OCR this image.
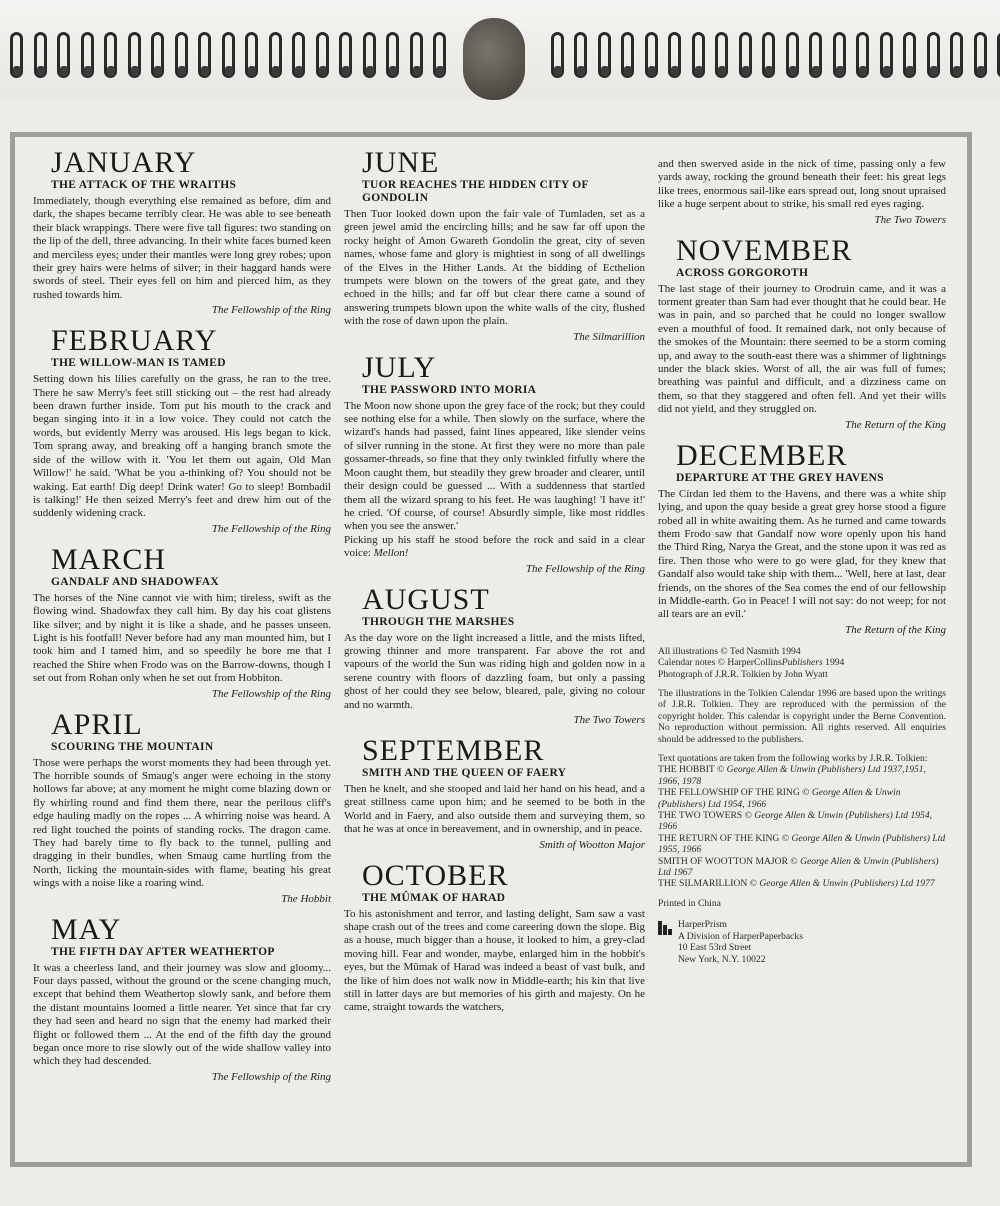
JANUARY
THE ATTACK OF THE WRAITHS

Immediately, though everything else remained as before, dim and dark, the shapes became terribly clear. He was able to see beneath their black wrappings. There were five tall figures: two standing on the lip of the dell, three advancing. In their white faces burned keen and merciless eyes; under their mantles were long grey robes; upon their grey hairs were helms of silver; in their haggard hands were swords of steel. Their eyes fell on him and pierced him, as they rushed towards him.

The Fellowship of the Ring

FEBRUARY
THE WILLOW-MAN IS TAMED

Setting down his lilies carefully on the grass, he ran to the tree. There he saw Merry's feet still sticking out – the rest had already been drawn further inside. Tom put his mouth to the crack and began singing into it in a low voice. They could not catch the words, but evidently Merry was aroused. His legs began to kick. Tom sprang away, and breaking off a hanging branch smote the side of the willow with it. 'You let them out again, Old Man Willow!' he said. 'What be you a-thinking of? You should not be waking. Eat earth! Dig deep! Drink water! Go to sleep! Bombadil is talking!' He then seized Merry's feet and drew him out of the suddenly widening crack.

The Fellowship of the Ring

MARCH
GANDALF AND SHADOWFAX

The horses of the Nine cannot vie with him; tireless, swift as the flowing wind. Shadowfax they call him. By day his coat glistens like silver; and by night it is like a shade, and he passes unseen. Light is his footfall! Never before had any man mounted him, but I took him and I tamed him, and so speedily he bore me that I reached the Shire when Frodo was on the Barrow-downs, though I set out from Rohan only when he set out from Hobbiton.

The Fellowship of the Ring

APRIL
SCOURING THE MOUNTAIN

Those were perhaps the worst moments they had been through yet. The horrible sounds of Smaug's anger were echoing in the stony hollows far above; at any moment he might come blazing down or fly whirling round and find them there, near the perilous cliff's edge hauling madly on the ropes ... A whirring noise was heard. A red light touched the points of standing rocks. The dragon came. They had barely time to fly back to the tunnel, pulling and dragging in their bundles, when Smaug came hurtling from the North, licking the mountain-sides with flame, beating his great wings with a noise like a roaring wind.

The Hobbit

MAY
THE FIFTH DAY AFTER WEATHERTOP

It was a cheerless land, and their journey was slow and gloomy... Four days passed, without the ground or the scene changing much, except that behind them Weathertop slowly sank, and before them the distant mountains loomed a little nearer. Yet since that far cry they had seen and heard no sign that the enemy had marked their flight or followed them ... At the end of the fifth day the ground began once more to rise slowly out of the wide shallow valley into which they had descended.

The Fellowship of the Ring

JUNE
TUOR REACHES THE HIDDEN CITY OF GONDOLIN

Then Tuor looked down upon the fair vale of Tumladen, set as a green jewel amid the encircling hills; and he saw far off upon the rocky height of Amon Gwareth Gondolin the great, city of seven names, whose fame and glory is mightiest in song of all dwellings of the Elves in the Hither Lands. At the bidding of Ecthelion trumpets were blown on the towers of the great gate, and they echoed in the hills; and far off but clear there came a sound of answering trumpets blown upon the white walls of the city, flushed with the rose of dawn upon the plain.

The Silmarillion

JULY
THE PASSWORD INTO MORIA

The Moon now shone upon the grey face of the rock; but they could see nothing else for a while. Then slowly on the surface, where the wizard's hands had passed, faint lines appeared, like slender veins of silver running in the stone. At first they were no more than pale gossamer-threads, so fine that they only twinkled fitfully where the Moon caught them, but steadily they grew broader and clearer, until their design could be guessed ... With a suddenness that startled them all the wizard sprang to his feet. He was laughing! 'I have it!' he cried. 'Of course, of course! Absurdly simple, like most riddles when you see the answer.'

Picking up his staff he stood before the rock and said in a clear voice: Mellon!

The Fellowship of the Ring

AUGUST
THROUGH THE MARSHES

As the day wore on the light increased a little, and the mists lifted, growing thinner and more transparent. Far above the rot and vapours of the world the Sun was riding high and golden now in a serene country with floors of dazzling foam, but only a passing ghost of her could they see below, bleared, pale, giving no colour and no warmth.

The Two Towers

SEPTEMBER
SMITH AND THE QUEEN OF FAERY

Then he knelt, and she stooped and laid her hand on his head, and a great stillness came upon him; and he seemed to be both in the World and in Faery, and also outside them and surveying them, so that he was at once in bereavement, and in ownership, and in peace.

Smith of Wootton Major

OCTOBER
THE MÛMAK OF HARAD

To his astonishment and terror, and lasting delight, Sam saw a vast shape crash out of the trees and come careering down the slope. Big as a house, much bigger than a house, it looked to him, a grey-clad moving hill. Fear and wonder, maybe, enlarged him in the hobbit's eyes, but the Mûmak of Harad was indeed a beast of vast bulk, and the like of him does not walk now in Middle-earth; his kin that live still in latter days are but memories of his girth and majesty. On he came, straight towards the watchers,

and then swerved aside in the nick of time, passing only a few yards away, rocking the ground beneath their feet: his great legs like trees, enormous sail-like ears spread out, long snout upraised like a huge serpent about to strike, his small red eyes raging.

The Two Towers

NOVEMBER
ACROSS GORGOROTH

The last stage of their journey to Orodruin came, and it was a torment greater than Sam had ever thought that he could bear. He was in pain, and so parched that he could no longer swallow even a mouthful of food. It remained dark, not only because of the smokes of the Mountain: there seemed to be a storm coming up, and away to the south-east there was a shimmer of lightnings under the black skies. Worst of all, the air was full of fumes; breathing was painful and difficult, and a dizziness came on them, so that they staggered and often fell. And yet their wills did not yield, and they struggled on.

The Return of the King

DECEMBER
DEPARTURE AT THE GREY HAVENS

The Círdan led them to the Havens, and there was a white ship lying, and upon the quay beside a great grey horse stood a figure robed all in white awaiting them. As he turned and came towards them Frodo saw that Gandalf now wore openly upon his hand the Third Ring, Narya the Great, and the stone upon it was red as fire. Then those who were to go were glad, for they knew that Gandalf also would take ship with them... 'Well, here at last, dear friends, on the shores of the Sea comes the end of our fellowship in Middle-earth. Go in Peace! I will not say: do not weep; for not all tears are an evil.'

The Return of the King

All illustrations © Ted Nasmith 1994

Calendar notes © HarperCollinsPublishers 1994

Photograph of J.R.R. Tolkien by John Wyatt

The illustrations in the Tolkien Calendar 1996 are based upon the writings of J.R.R. Tolkien. They are reproduced with the permission of the copyright holder. This calendar is copyright under the Berne Convention. No reproduction without permission. All rights reserved. All enquiries should be addressed to the publishers.

Text quotations are taken from the following works by J.R.R. Tolkien:

THE HOBBIT © George Allen & Unwin (Publishers) Ltd 1937,1951, 1966, 1978

THE FELLOWSHIP OF THE RING © George Allen & Unwin (Publishers) Ltd 1954, 1966

THE TWO TOWERS © George Allen & Unwin (Publishers) Ltd 1954, 1966

THE RETURN OF THE KING © George Allen & Unwin (Publishers) Ltd 1955, 1966

SMITH OF WOOTTON MAJOR © George Allen & Unwin (Publishers) Ltd 1967

THE SILMARILLION © George Allen & Unwin (Publishers) Ltd 1977

Printed in China

HarperPrism

A Division of HarperPaperbacks

10 East 53rd Street

New York, N.Y. 10022
